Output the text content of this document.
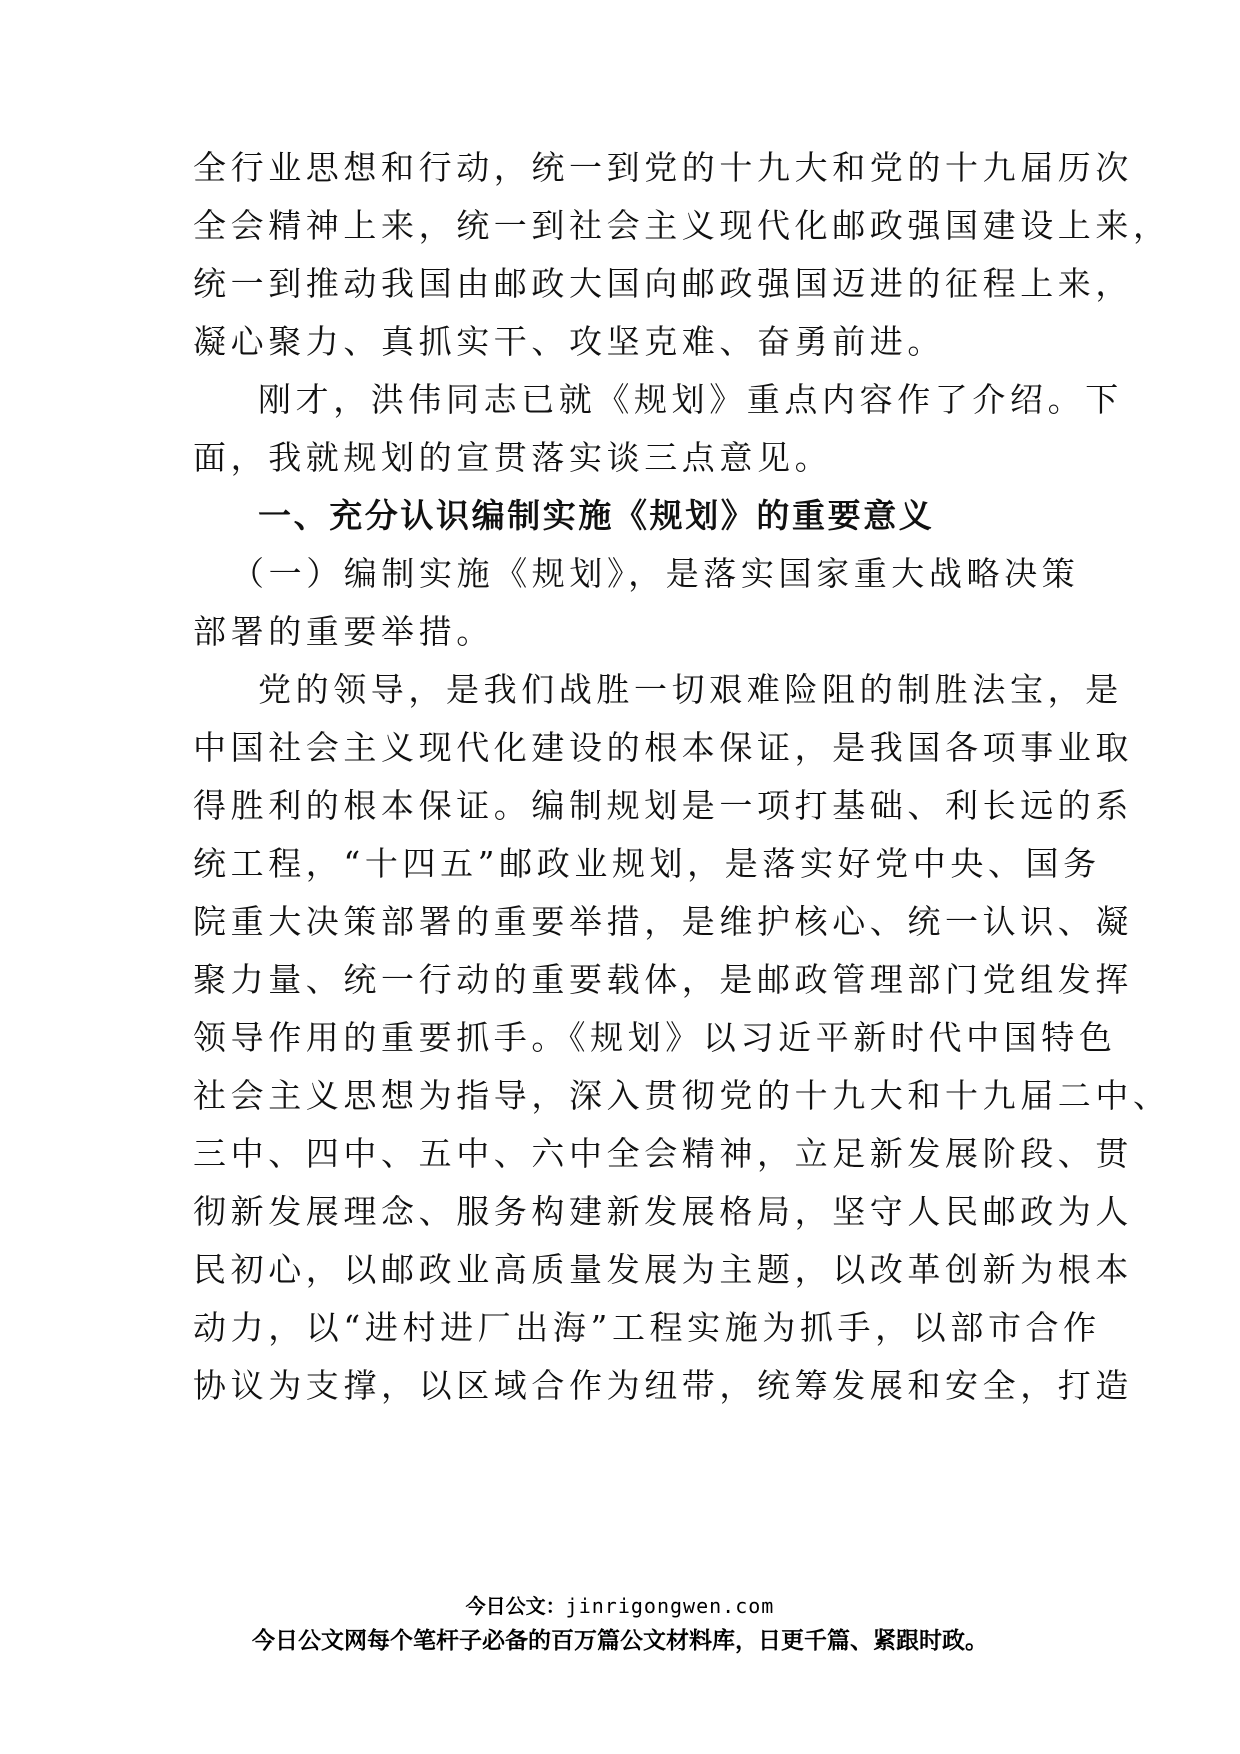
全行业思想和行动，统一到党的十九大和党的十九届历次
全会精神上来，统一到社会主义现代化邮政强国建设上来，
统一到推动我国由邮政大国向邮政强国迈进的征程上来，
凝心聚力、真抓实干、攻坚克难、奋勇前进。
刚才，洪伟同志已就《规划》重点内容作了介绍。下
面，我就规划的宣贯落实谈三点意见。
一、充分认识编制实施《规划》的重要意义
（一）编制实施《规划》，是落实国家重大战略决策
部署的重要举措。
党的领导，是我们战胜一切艰难险阻的制胜法宝，是
中国社会主义现代化建设的根本保证，是我国各项事业取
得胜利的根本保证。编制规划是一项打基础、利长远的系
统工程，“十四五”邮政业规划，是落实好党中央、国务
院重大决策部署的重要举措，是维护核心、统一认识、凝
聚力量、统一行动的重要载体，是邮政管理部门党组发挥
领导作用的重要抓手。《规划》以习近平新时代中国特色
社会主义思想为指导，深入贯彻党的十九大和十九届二中、
三中、四中、五中、六中全会精神，立足新发展阶段、贯
彻新发展理念、服务构建新发展格局，坚守人民邮政为人
民初心，以邮政业高质量发展为主题，以改革创新为根本
动力，以“进村进厂出海”工程实施为抓手，以部市合作
协议为支撑，以区域合作为纽带，统筹发展和安全，打造
今日公文：jinrigongwen.com
今日公文网每个笔杆子必备的百万篇公文材料库，日更千篇、紧跟时政。
